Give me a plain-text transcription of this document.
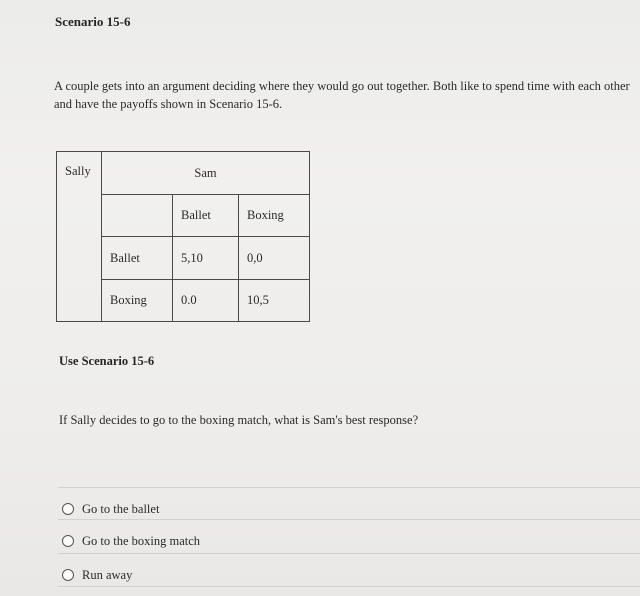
Scenario 15-6
A couple gets into an argument deciding where they would go out together. Both like to spend time with each other and have the payoffs shown in Scenario 15-6.
Sally	Sam		
		Ballet	Boxing
	Ballet	5,10	0,0
	Boxing	0.0	10,5
Use Scenario 15-6
If Sally decides to go to the boxing match, what is Sam's best response?
Go to the ballet
Go to the boxing match
Run away
